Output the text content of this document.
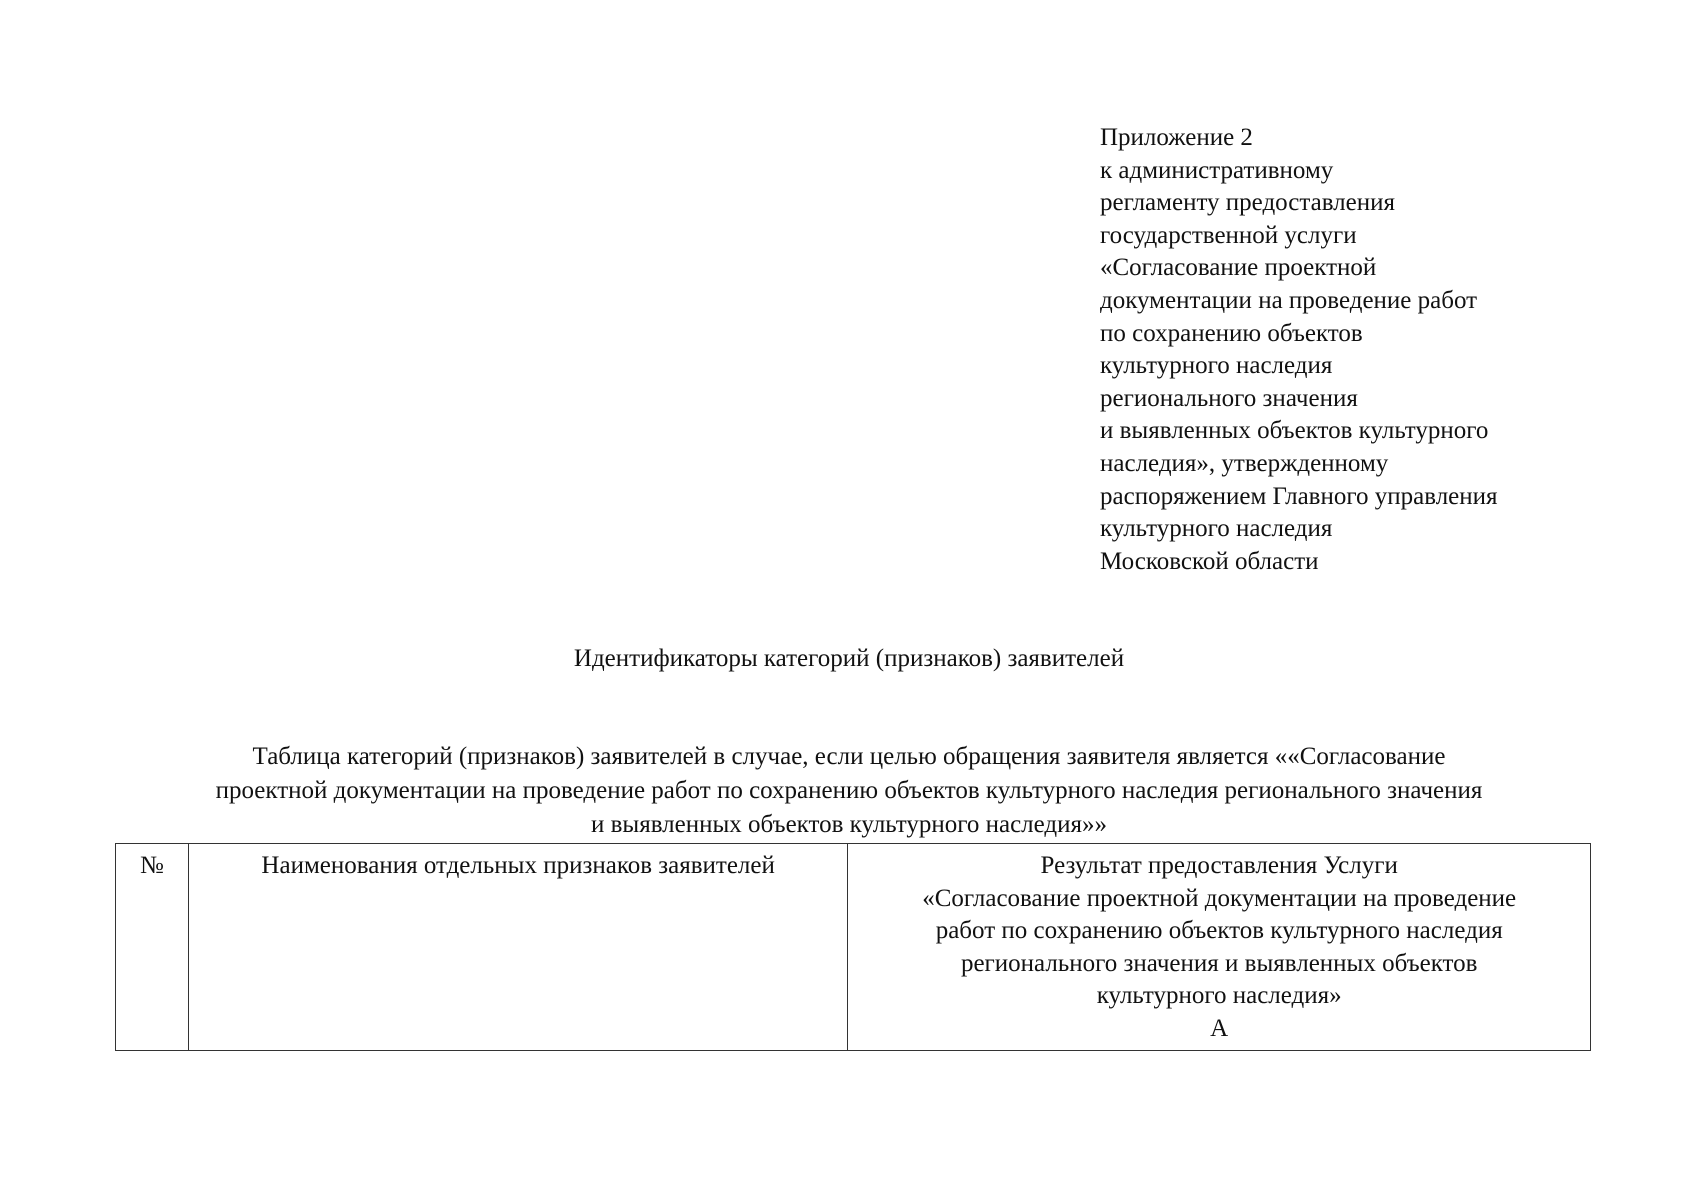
Приложение 2
к административному
регламенту предоставления
государственной услуги
«Согласование проектной
документации на проведение работ
по сохранению объектов
культурного наследия
регионального значения
и выявленных объектов культурного
наследия», утвержденному
распоряжением Главного управления
культурного наследия
Московской области
Идентификаторы категорий (признаков) заявителей
Таблица категорий (признаков) заявителей в случае, если целью обращения заявителя является ««Согласование
проектной документации на проведение работ по сохранению объектов культурного наследия регионального значения
и выявленных объектов культурного наследия»»
№	Наименования отдельных признаков заявителей	Результат предоставления Услуги
«Согласование проектной документации на проведение
работ по сохранению объектов культурного наследия
регионального значения и выявленных объектов
культурного наследия»
А
